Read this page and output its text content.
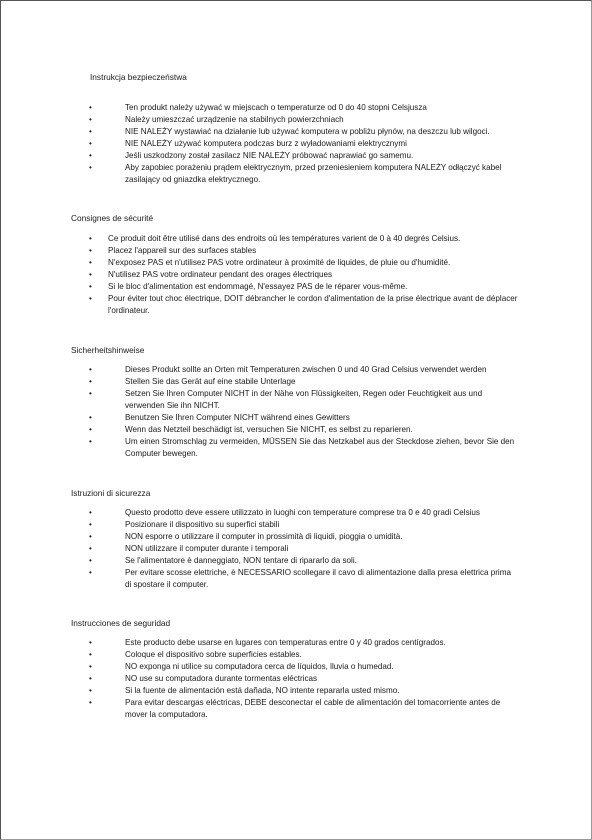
Instrukcja bezpieczeństwa
•
Ten produkt należy używać w miejscach o temperaturze od 0 do 40 stopni Celsjusza
•
Należy umieszczać urządzenie na stabilnych powierzchniach
•
NIE NALEŻY wystawiać na działanie lub używać komputera w pobliżu płynów, na deszczu lub wilgoci.
•
NIE NALEŻY używać komputera podczas burz z wyładowaniami elektrycznymi
•
Jeśli uszkodzony został zasilacz NIE NALEŻY próbować naprawiać go samemu.
•
Aby zapobiec porażeniu prądem elektrycznym, przed przeniesieniem komputera NALEŻY odłączyć kabel zasilający od gniazdka elektrycznego.
Consignes de sécurité
•
Ce produit doit être utilisé dans des endroits où les températures varient de 0 à 40 degrés Celsius.
•
Placez l'appareil sur des surfaces stables
•
N'exposez PAS et n'utilisez PAS votre ordinateur à proximité de liquides, de pluie ou d'humidité.
•
N'utilisez PAS votre ordinateur pendant des orages électriques
•
Si le bloc d'alimentation est endommagé, N'essayez PAS de le réparer vous-même.
•
Pour éviter tout choc électrique, DOIT débrancher le cordon d'alimentation de la prise électrique avant de déplacer l'ordinateur.
Sicherheitshinweise
•
Dieses Produkt sollte an Orten mit Temperaturen zwischen 0 und 40 Grad Celsius verwendet werden
•
Stellen Sie das Gerät auf eine stabile Unterlage
•
Setzen Sie Ihren Computer NICHT in der Nähe von Flüssigkeiten, Regen oder Feuchtigkeit aus und verwenden Sie ihn NICHT.
•
Benutzen Sie Ihren Computer NICHT während eines Gewitters
•
Wenn das Netzteil beschädigt ist, versuchen Sie NICHT, es selbst zu reparieren.
•
Um einen Stromschlag zu vermeiden, MÜSSEN Sie das Netzkabel aus der Steckdose ziehen, bevor Sie den Computer bewegen.
Istruzioni di sicurezza
•
Questo prodotto deve essere utilizzato in luoghi con temperature comprese tra 0 e 40 gradi Celsius
•
Posizionare il dispositivo su superfici stabili
•
NON esporre o utilizzare il computer in prossimità di liquidi, pioggia o umidità.
•
NON utilizzare il computer durante i temporali
•
Se l'alimentatore è danneggiato, NON tentare di ripararlo da soli.
•
Per evitare scosse elettriche, è NECESSARIO scollegare il cavo di alimentazione dalla presa elettrica prima di spostare il computer.
Instrucciones de seguridad
•
Este producto debe usarse en lugares con temperaturas entre 0 y 40 grados centígrados.
•
Coloque el dispositivo sobre superficies estables.
•
NO exponga ni utilice su computadora cerca de líquidos, lluvia o humedad.
•
NO use su computadora durante tormentas eléctricas
•
Si la fuente de alimentación está dañada, NO intente repararla usted mismo.
•
Para evitar descargas eléctricas, DEBE desconectar el cable de alimentación del tomacorriente antes de mover la computadora.
